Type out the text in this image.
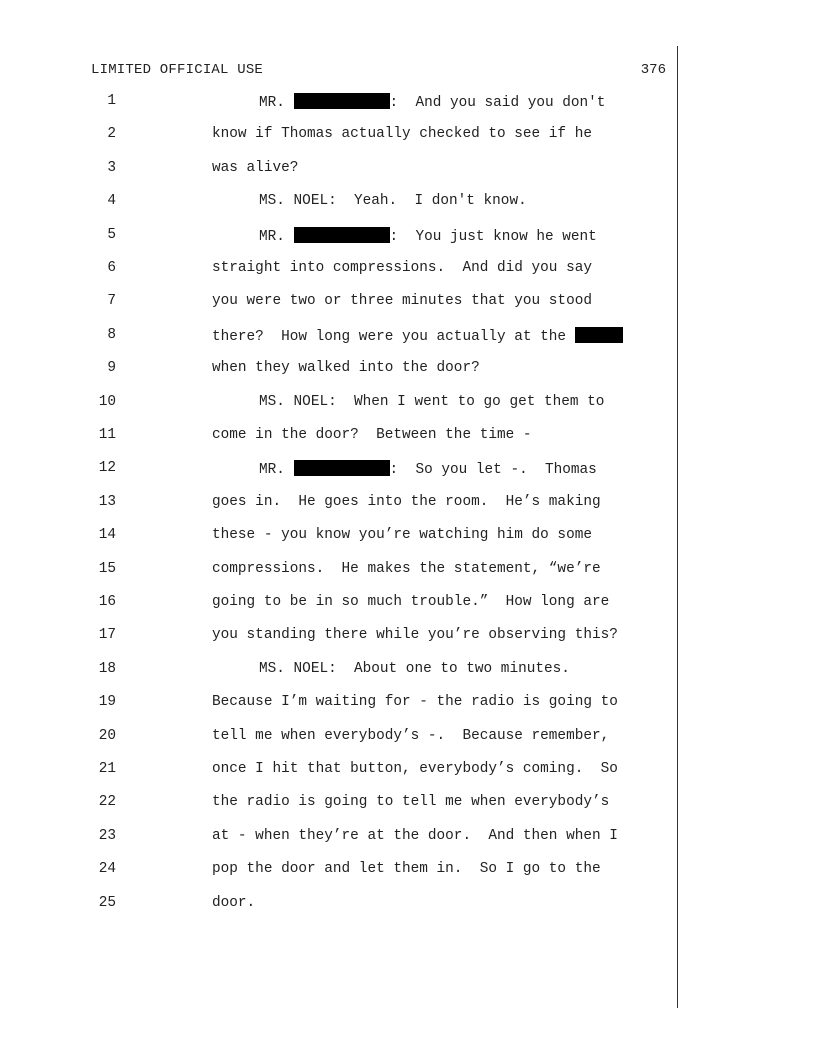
LIMITED OFFICIAL USE	376
1	MR.	:  And you said you don't
2	know if Thomas actually checked to see if he
3	was alive?
4	MS. NOEL:  Yeah.  I don't know.
5	MR.	:  You just know he went
6	straight into compressions.  And did you say
7	you were two or three minutes that you stood
8	there?  How long were you actually at the
9	when they walked into the door?
10	MS. NOEL:  When I went to go get them to
11	come in the door?  Between the time -
12	MR.	:  So you let -.  Thomas
13	goes in.  He goes into the room.  He’s making
14	these - you know you’re watching him do some
15	compressions.  He makes the statement, “we’re
16	going to be in so much trouble.”  How long are
17	you standing there while you’re observing this?
18	MS. NOEL:  About one to two minutes.
19	Because I’m waiting for - the radio is going to
20	tell me when everybody’s -.  Because remember,
21	once I hit that button, everybody’s coming.  So
22	the radio is going to tell me when everybody’s
23	at - when they’re at the door.  And then when I
24	pop the door and let them in.  So I go to the
25	door.
